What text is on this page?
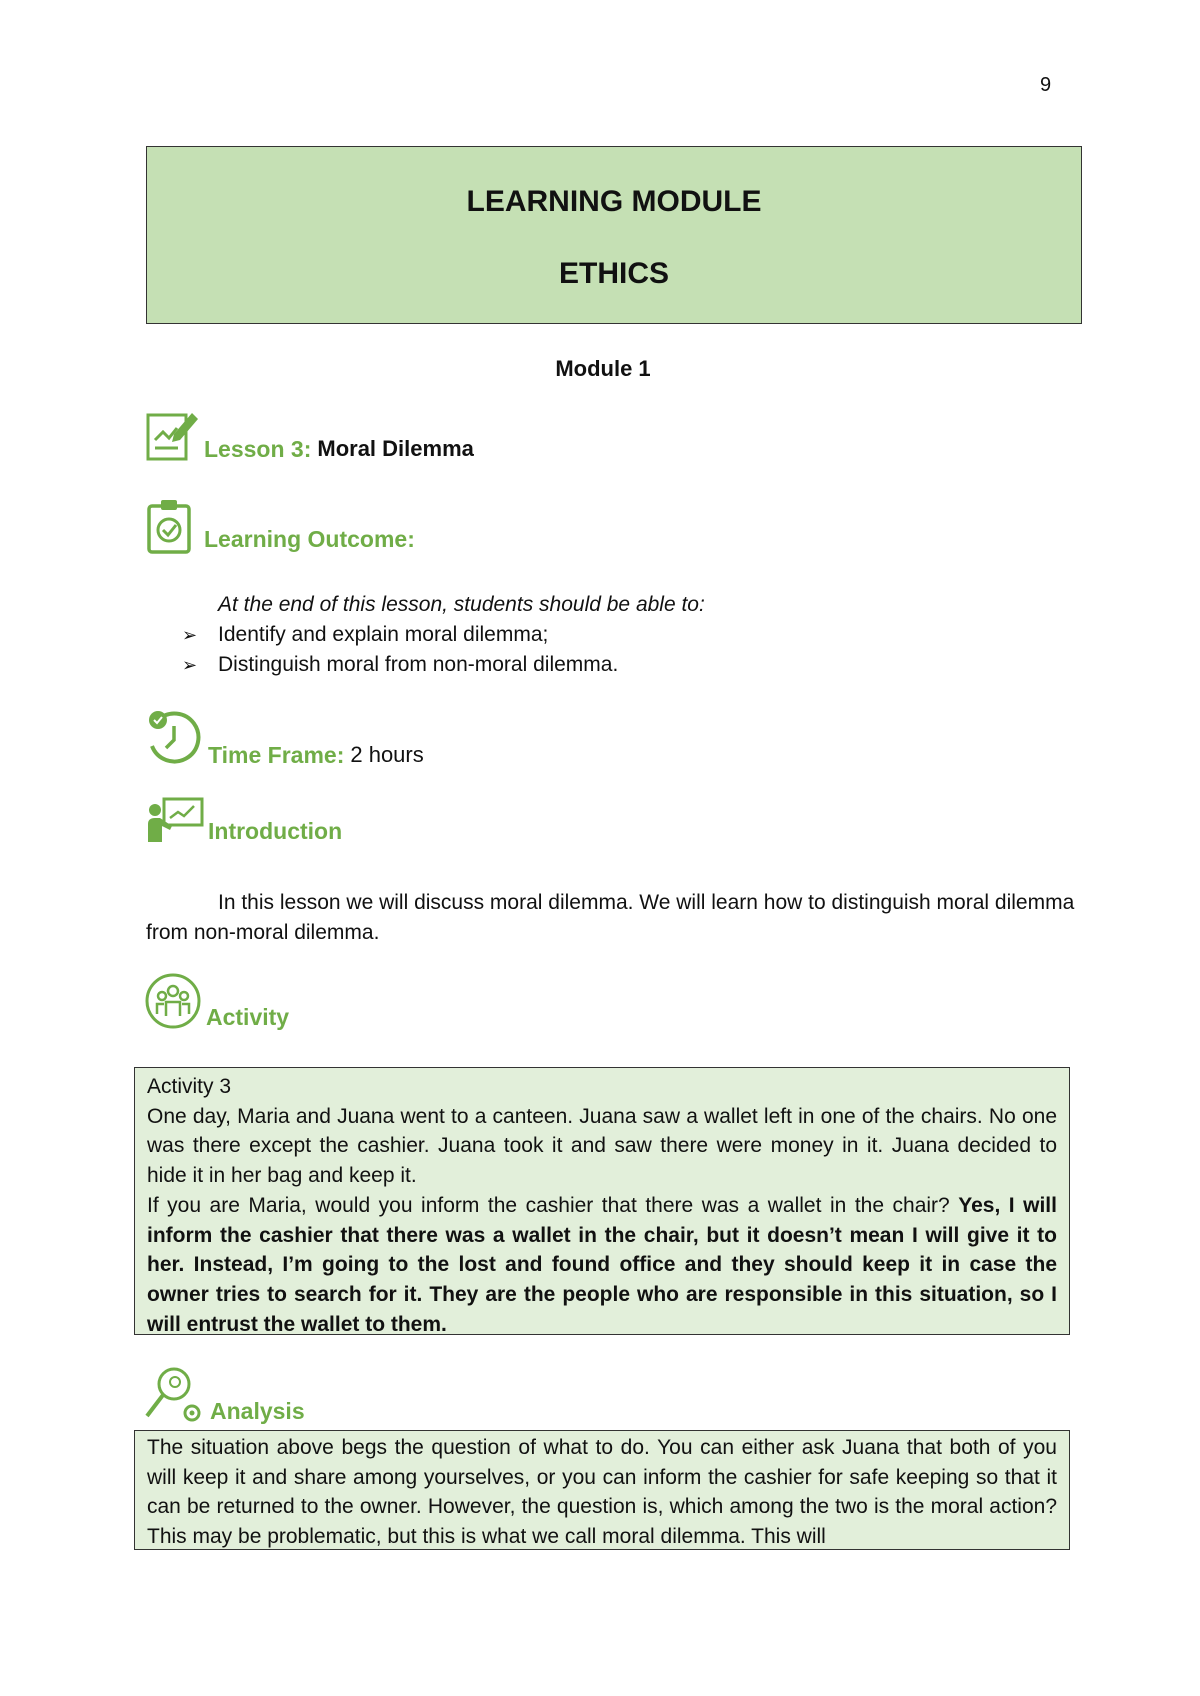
9
LEARNING MODULE
ETHICS
Module 1
Lesson 3: Moral Dilemma
Learning Outcome:
At the end of this lesson, students should be able to:
➢ Identify and explain moral dilemma;
➢ Distinguish moral from non-moral dilemma.
Time Frame: 2 hours
Introduction
In this lesson we will discuss moral dilemma. We will learn how to distinguish moral dilemma from non-moral dilemma.
Activity

Activity 3

One day, Maria and Juana went to a canteen. Juana saw a wallet left in one of the chairs. No one was there except the cashier. Juana took it and saw there were money in it. Juana decided to hide it in her bag and keep it.

If you are Maria, would you inform the cashier that there was a wallet in the chair? Yes, I will inform the cashier that there was a wallet in the chair, but it doesn’t mean I will give it to her. Instead, I’m going to the lost and found office and they should keep it in case the owner tries to search for it. They are the people who are responsible in this situation, so I will entrust the wallet to them.

Analysis

The situation above begs the question of what to do. You can either ask Juana that both of you will keep it and share among yourselves, or you can inform the cashier for safe keeping so that it can be returned to the owner. However, the question is, which among the two is the moral action? This may be problematic, but this is what we call moral dilemma. This will
